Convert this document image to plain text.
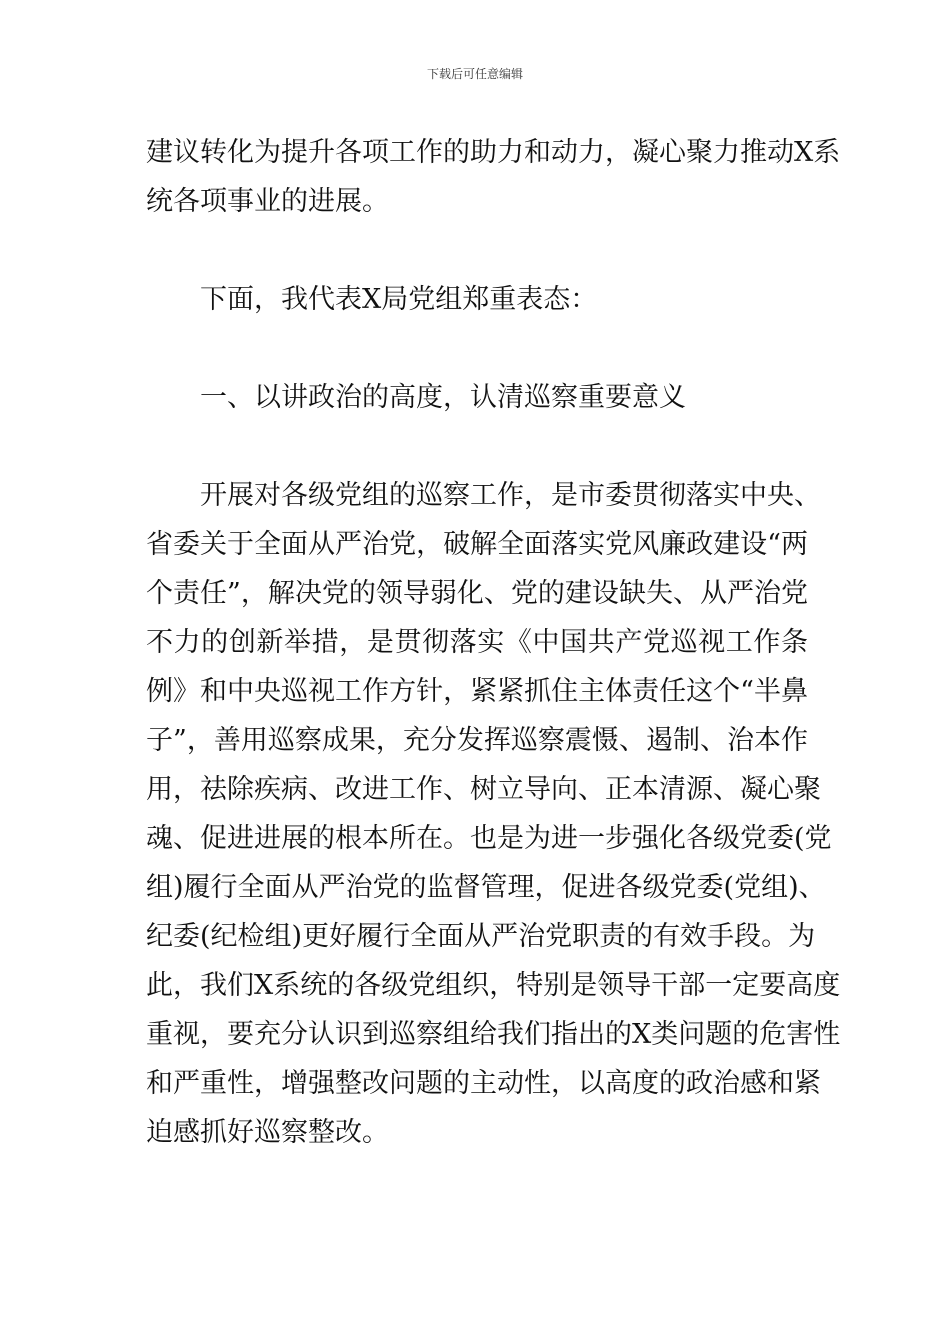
下载后可任意编辑
建议转化为提升各项工作的助力和动力，凝心聚力推动X系
统各项事业的进展。
下面，我代表X局党组郑重表态：
一、以讲政治的高度，认清巡察重要意义
开展对各级党组的巡察工作，是市委贯彻落实中央、
省委关于全面从严治党，破解全面落实党风廉政建设“两
个责任”，解决党的领导弱化、党的建设缺失、从严治党
不力的创新举措，是贯彻落实《中国共产党巡视工作条
例》和中央巡视工作方针，紧紧抓住主体责任这个“半鼻
子”，善用巡察成果，充分发挥巡察震慑、遏制、治本作
用，祛除疾病、改进工作、树立导向、正本清源、凝心聚
魂、促进进展的根本所在。也是为进一步强化各级党委(党
组)履行全面从严治党的监督管理，促进各级党委(党组)、
纪委(纪检组)更好履行全面从严治党职责的有效手段。为
此，我们X系统的各级党组织，特别是领导干部一定要高度
重视，要充分认识到巡察组给我们指出的X类问题的危害性
和严重性，增强整改问题的主动性，以高度的政治感和紧
迫感抓好巡察整改。
